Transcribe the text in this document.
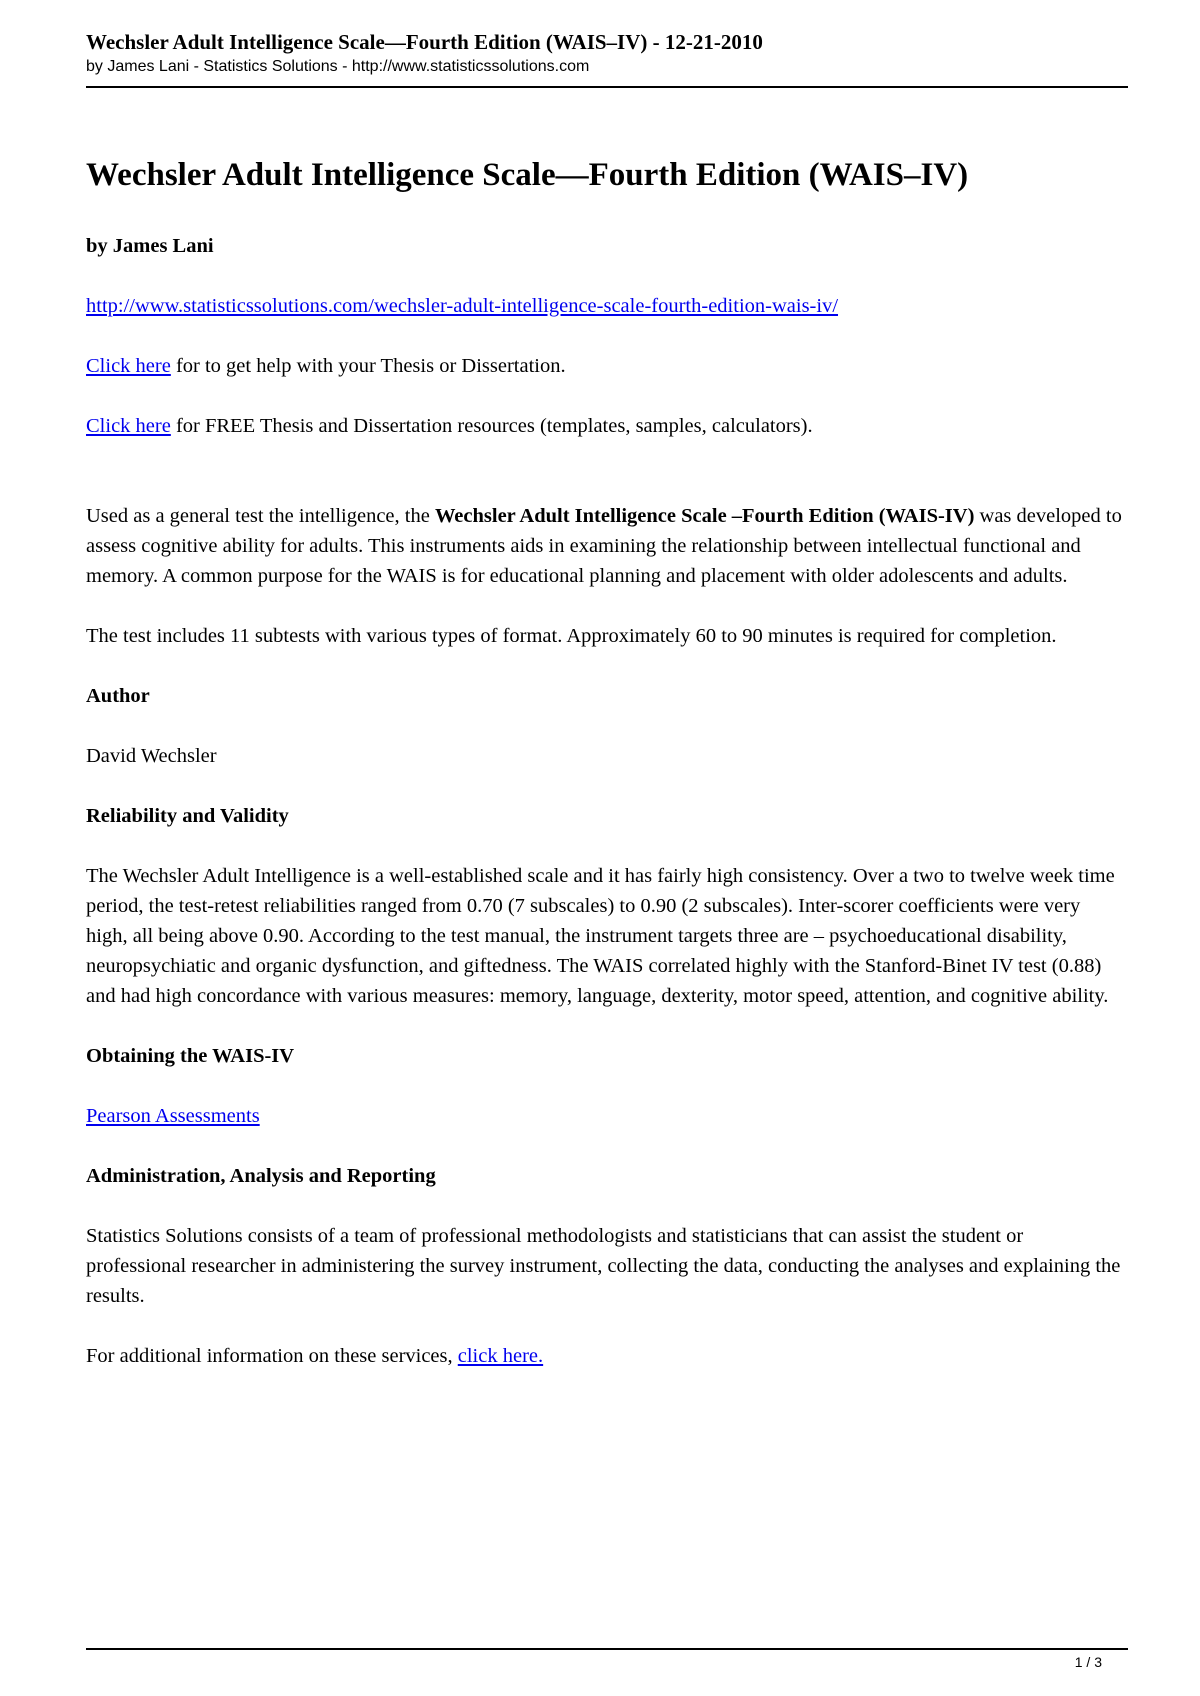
Wechsler Adult Intelligence Scale—Fourth Edition (WAIS–IV) - 12-21-2010
by James Lani - Statistics Solutions - http://www.statisticssolutions.com
Wechsler Adult Intelligence Scale—Fourth Edition (WAIS–IV)

by James Lani

http://www.statisticssolutions.com/wechsler-adult-intelligence-scale-fourth-edition-wais-iv/

Click here for to get help with your Thesis or Dissertation.

Click here for FREE Thesis and Dissertation resources (templates, samples, calculators).

Used as a general test the intelligence, the Wechsler Adult Intelligence Scale –Fourth Edition (WAIS-IV) was developed to assess cognitive ability for adults. This instruments aids in examining the relationship between intellectual functional and memory. A common purpose for the WAIS is for educational planning and placement with older adolescents and adults.

The test includes 11 subtests with various types of format. Approximately 60 to 90 minutes is required for completion.

Author

David Wechsler

Reliability and Validity

The Wechsler Adult Intelligence is a well-established scale and it has fairly high consistency. Over a two to twelve week time period, the test-retest reliabilities ranged from 0.70 (7 subscales) to 0.90 (2 subscales). Inter-scorer coefficients were very high, all being above 0.90. According to the test manual, the instrument targets three are – psychoeducational disability, neuropsychiatic and organic dysfunction, and giftedness. The WAIS correlated highly with the Stanford-Binet IV test (0.88) and had high concordance with various measures: memory, language, dexterity, motor speed, attention, and cognitive ability.

Obtaining the WAIS-IV

Pearson Assessments

Administration, Analysis and Reporting

Statistics Solutions consists of a team of professional methodologists and statisticians that can assist the student or professional researcher in administering the survey instrument, collecting the data, conducting the analyses and explaining the results.

For additional information on these services, click here.

1 / 3
